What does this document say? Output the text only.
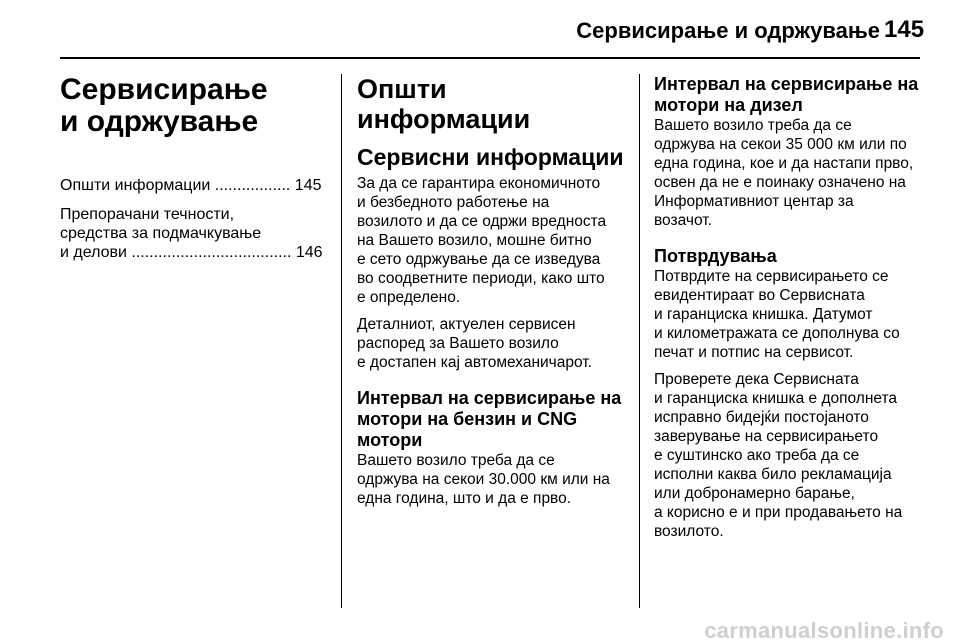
Сервисирање и одржување 145
Сервисирање
и одржување
Општи информации ................. 145
Препорачани течности,
средства за подмачкување
и делови .................................... 146
Општи информации
Сервисни информации
За да се гарантира економичното
и безбедното работење на
возилото и да се одржи вредноста
на Вашето возило, мошне битно
е сето одржување да се изведува
во соодветните периоди, како што
е определено.
Деталниот, актуелен сервисен
распоред за Вашето возило
е достапен кај автомеханичарот.
Интервал на сервисирање на
мотори на бензин и CNG
мотори
Вашето возило треба да се
одржува на секои 30.000 км или на
една година, што и да е прво.
Интервал на сервисирање на
мотори на дизел
Вашето возило треба да се
одржува на секои 35 000 км или по
една година, кое и да настапи прво,
освен да не е поинаку означено на
Информативниот центар за
возачот.
Потврдувања
Потврдите на сервисирањето се
евидентираат во Сервисната
и гаранциска книшка. Датумот
и километражата се дополнува со
печат и потпис на сервисот.
Проверете дека Сервисната
и гаранциска книшка е дополнета
исправно бидејќи постојаното
заверување на сервисирањето
е суштинско ако треба да се
исполни каква било рекламација
или добронамерно барање,
а корисно е и при продавањето на
возилото.
carmanualsonline.info
